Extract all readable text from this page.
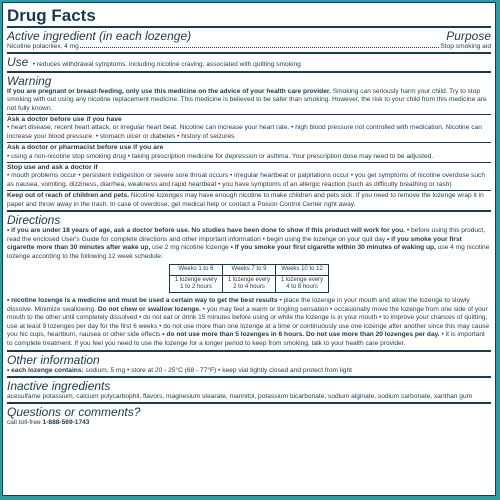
Drug Facts
Active ingredient (in each lozenge)	Purpose
Nicotine polacrilex, 4 mg	Stop smoking aid
Use • reduces withdrawal symptoms, including nicotine craving, associated with quitting smoking
Warning
If you are pregnant or breast-feeding, only use this medicine on the advice of your health care provider. Smoking can seriously harm your child. Try to stop smoking with out using any nicotine replacement medicine. This medicine is believed to be safer than smoking. However, the risk to your child from this medicine are not fully known.
Ask a doctor before use if you have
• heart disease, recent heart attack, or irregular heart beat. Nicotine can increase your heart rate. • high blood pressure not controlled with medication. Nicotine can increase your blood pressure. • stomach ulcer or diabetes • history of seizures
Ask a doctor or pharmacist before use if you are
• using a non-nicotine stop smoking drug • taking prescription medicine for depression or asthma. Your prescription dose may need to be adjusted.
Stop use and ask a doctor if
• mouth problems occur • persistent indigestion or severe sore throat occurs • irregular heartbeat or palpitations occur • you get symptoms of nicotine overdose such as nausea, vomiting, dizziness, diarrhea, weakness and rapid heartbeat • you have symptoms of an allergic reaction (such as difficulty breathing or rash)
Keep out of reach of children and pets. Nicotine lozenges may have enough nicotine to make children and pets sick. If you need to remove the lozenge wrap it in paper and throw away in the trash. In case of overdose, get medical help or contact a Poison Control Center right away.
Directions
• if you are under 18 years of age, ask a doctor before use. No studies have been done to show if this product will work for you. • before using this product, read the enclosed User's Guide for complete directions and other important information • begin using the lozenge on your quit day • if you smoke your first cigarette more than 30 minutes after wake up, use 2 mg nicotine lozenge • if you smoke your first cigarette within 30 minutes of waking up, use 4 mg nicotine lozenge according to the following 12 week schedule:
Weeks 1 to 6	Weeks 7 to 9	Weeks 10 to 12
1 lozenge every 1 to 2 hours	1 lozenge every 2 to 4 hours	1 lozenge every 4 to 8 hours
• nicotine lozenge is a medicine and must be used a certain way to get the best results • place the lozenge in your mouth and allow the lozenge to slowly dissolve. Minimize swallowing. Do not chew or swallow lozenge. • you may feel a warm or tingling sensation • occasionally move the lozenge from one side of your mouth to the other until completely dissolved • do not eat or drink 15 minutes before using or while the lozenge is in your mouth • to improve your chances of quitting, use at least 9 lozenges per day for the first 6 weeks • do not use more than one lozenge at a time or continuously use one lozenge after another since this may cause you hic cups, heartburn, nausea or other side effects • do not use more than 5 lozenges in 6 hours. Do not use more than 20 lozenges per day. • it is important to complete treatment. If you feel you need to use the lozenge for a longer period to keep from smoking, talk to your health care provider.
Other information
• each lozenge contains: sodium, 5 mg • store at 20 - 25°C (68 - 77°F) • keep vial tightly closed and protect from light
Inactive ingredients
acesulfame potassium, calcium polycarbophil, flavors, magnesium stearate, mannitol, potassium bicarbonate, sodium alginate, sodium carbonate, xanthan gum
Questions or comments?
call toll-free 1-888-569-1743
